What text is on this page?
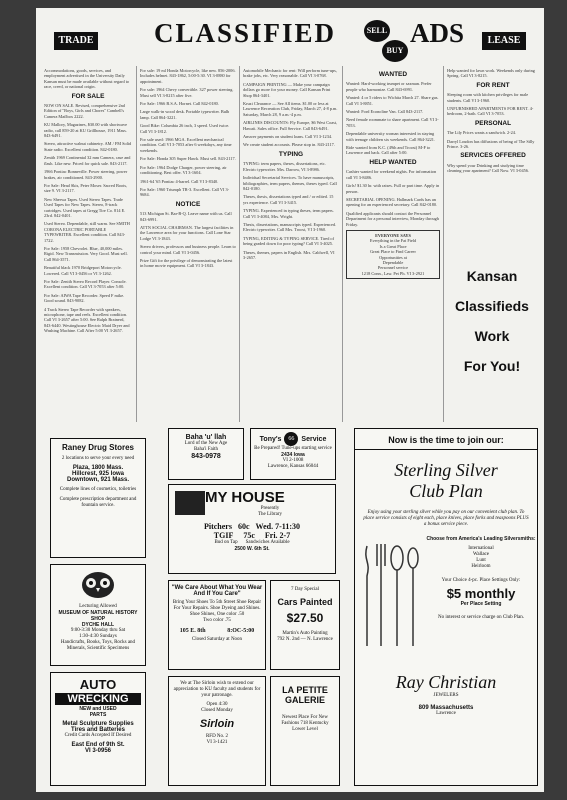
TRADE CLASSIFIED	SELL
BUY
ADS	LEASE

Accommodations, goods, services, and employment advertised in the University Daily Kansan must be made available without regard to race, creed, or national origin.

FOR SALE

NOW ON SALE. Revised, comprehensive 2nd Edition of "Boys, Girls and Chores" Cambell's Camera Mailbox 2222.

KU Mallory, Magazines, $30.00 with shortwave radio, call 859-20 at KU Grillhouse, 1911 Mass. 843-6491.

Stereo, attractive walnut cabinetry. AM / FM Solid State radio. Excellent condition. 842-0180.

Zenith 1969 Continental 32 mm Camera, case and flash. Like new. Priced for quick sale. 843-2117.

1966 Pontiac Bonneville. Power steering, power brakes, air conditioned. 843-2900.

For Sale: Head Skis, Peter Moser. Sacred Boots, size 9. VI 3-2117.

New Sherwa Tapes. Used Stereo Tapes. Trade Used Tapes for New Tapes. Stereo, 8-track cartridges. Used tapes at Gregg Tire Co. 814 E. 23rd. 842-0401.

Used Stereo. Dependable, still warm. See SMITH CORONA ELECTRIC PORTABLE TYPEWRITER. Excellent condition. Call 843-1722.

For Sale: 1958 Chevrolet. Blue, 40,000 miles. Rigid. New Transmission. Very Good. Must sell. Call 864-3571.

Beautiful black 1970 Bridgeport Motorcycle. Lowered. Call VI 3-0456 or VI 3-1262.

For Sale: Zenith Stereo Record Player. Console. Excellent condition. Call VI 3-7053 after 5:00.

For Sale: AIWA Tape Recorder. Speed F mike. Good sound. 843-9082.

4 Track Stereo Tape Recorder with speakers, microphone, tape and reels. Excellent condition. Call VI 3-2657 after 5:00. See Ralph Brainerd, 843-6440. Westinghouse Electric Maid Dryer and Washing Machine. Call After 5:00 VI 3-2657.

For sale: 19 ml Honda Motorcycle, like new. 856-2006. Includes helmet. 843-1862, 5:00-5:30. VI 3-0880 for appointment.

For sale: 1964 Chevy convertible. 327 power steering. Must sell VI 3-8215 after five.

For Sale: 1966 B.S.A. Hornet. Call 842-0180.

Large walk-in wood desk. Portable typewriter. Bulb lamp. Call 864-3221.

Good Bike: Columbia 26 inch, 3 speed. Used twice. Call VI 3-1812.

For sale used: 1966 MGA. Excellent mechanical condition. Call VI 3-7053 after 6 weekdays, any time weekends.

For Sale: Honda 305 Super Hawk. Must sell. 843-2117.

For Sale: 1964 Dodge Charger, power steering, air conditioning. Best offer. VI 3-1604.

1961-64 '65 Pontiac 4-barrel. Call VI 3-8340.

For Sale: 1960 Triumph TR-3. Excellent. Call VI 3-9684.

NOTICE

513 Michigan St. Bar-B-Q. Leave name with us. Call 843-6991.

ATTN SOCIAL CHAIRMAN. The largest facilities in the Lawrence area for your functions. Call Lone Star Lodge VI 3-1843.

Stereo drivers, professors and business people. Learn to control your mind. Call VI 3-0456.

Prize Gift for the privilege of demonstrating the latest in home movie equipment. Call VI 3-1843.

Automobile Mechanic for rent: Will perform tune-ups, brake jobs, etc. Very reasonable. Call VI 3-0768.

CAMPAIGN PRINTING — Make your campaign dollars go more for your money. Call Kansan Print Shop 864-3401.

Kruzi Clearance — See All items. $1.00 or less at Lawrence Recreation Club, Friday, March 27, 4-8 p.m. Saturday, March 28, 9 a.m.-4 p.m.

AIRLINES DISCOUNTS: Fly Europe, $6 West Coast, Hawaii. Sales office. Full Service. Call 843-6491.

Answer payments on student loans. Call VI 3-1234.

We create student accounts. Please stop in. 843-2117.

TYPING

TYPING: term papers, theses, dissertations, etc. Electric typewriter. Mrs. Darrow, VI 3-8986.

Individual Secretarial Services. To have manuscripts, bibliographies, term papers, themes, theses typed. Call 842-0180.

Theses, thesis, dissertations typed and / or edited. 15 yrs experience. Call VI 3-3415.

TYPING. Experienced in typing theses, term papers. Call VI 3-4084, Mrs. Wright.

Thesis, dissertations, manuscripts typed. Experienced. Electric typewriter. Call Mrs. Troost, VI 3-1960.

TYPING, EDITING & TYPING SERVICE. Tired of being graded down for poor typing? Call VI 3-4025.

Theses, themes, papers in English. Mrs. Caldwell, VI 3-2657.

WANTED

Wanted: Hard-working trumpet or saxman. Prefer people who harmonize. Call 843-6991.

Wanted: 4 or 5 riders to Wichita March 27. Share gas. Call VI 3-8851.

Wanted: Ford Econoline Van. Call 843-2117.

Need female roommate to share apartment. Call VI 3-7053.

Dependable university woman interested in staying with teenage children six weekends. Call 864-3221.

Ride wanted from K.C. (49th and Troost) M-F to Lawrence and back. Call after 5:00.

HELP WANTED

Cashier wanted for weekend nights. For information call VI 3-8486.

Girls! $1.30 hr. with raises. Full or part time. Apply in person.

SECRETARIAL OPENING. Hallmark Cards has an opening for an experienced secretary. Call 842-0180.

Qualified applicants should contact the Personnel Department for a personal interview, Monday through Friday.

EVERYONE SAYS
Everything in the Fat Field
Is a Great Place
Great Place to Find Career
Opportunities at
Dependable
Personnel service
1218 Conn., Law. Pet Ph. VI 3-2921

Help wanted for lawn work. Weekends only during Spring. Call VI 3-8215.

FOR RENT

Sleeping room with kitchen privileges for male students. Call VI 3-1960.

UNFURNISHED APARTMENTS FOR RENT. 4-bedroom, 2-bath. Call VI 3-7053.

PERSONAL

The Lily Prices wants a sandwich. 2-24.

Darryl Loudon has diffusions of being of The Silly Prince. 3-26.

SERVICES OFFERED

Why spend your Drinking and studying time cleaning your apartment? Call Now. VI 3-0456.

Kansan
Classifieds
Work
For You!
Raney Drug Stores
2 locations to serve your every need
Plaza, 1800 Mass.
Hillcrest, 925 Iowa
Downtown, 921 Mass.
Complete lines of cosmetics, toiletries
Complete prescription department and fountain service.
Lecturing Allowed
MUSEUM OF NATURAL HISTORY SHOP
DYCHE HALL
9:00-3:30 Monday thru Sat
1:30-4:30 Sundays
Handicrafts, Books, Toys, Rocks and Minerals, Scientific Specimens
AUTO
WRECKING
NEW and USED
PARTS
Metal Sculpture Supplies
Tires and Batteries
Credit Cards Accepted If Desired
East End of 9th St.
VI 3-0956
Baha 'u' llah
Lord of the New Age
Baha'i Faith
843-0978
Tony's	66	Service
Be Prepared! Tune-ups starting service
2434 Iowa
VI 2-1008
Lawrence, Kansas 66044
MY HOUSE
Presently
The Library
Pitchers 60c Wed. 7-11:30
TGIF 75c Fri. 2-7
Bud on Tap Sandwiches Available
2500 W. 6th St.
"We Care About What You Wear
And If You Care"
Bring Your Shoes To 5th Street Shoe Repair For Your Repairs. Shoe Dyeing and Shines.
Shoe Shines, One color .50
Two color .75
105 E. 8th	8:OC-5:00
Closed Saturday at Noon
7 Day Special
Cars Painted
$27.50
Martin's Auto Painting
792 N. 2nd — N. Lawrence
We at The Sirloin wish to extend our appreciation to KU faculty and students for your patronage.
Open 4:30
Closed Monday
Sirloin
RFD No. 2
VI 3-1421
LA PETITE
GALERIE
Newest Place For New Fashions 718 Kentucky Lower Level
Now is the time to join our:
Sterling Silver
Club Plan
Enjoy using your sterling silver while you pay on our convenient club plan. To place service consists of eight each, place knives, place forks and teaspoons PLUS a bonus service piece.
Choose from America's Leading Silversmiths:
International
Wallace
Lunt
Heirloom
Your Choice 4-pc. Place Settings Only:
$5 monthly
Per Place Setting
No interest or service charge on Club Plan.
Ray Christian
JEWELERS
809 Massachusetts
Lawrence
